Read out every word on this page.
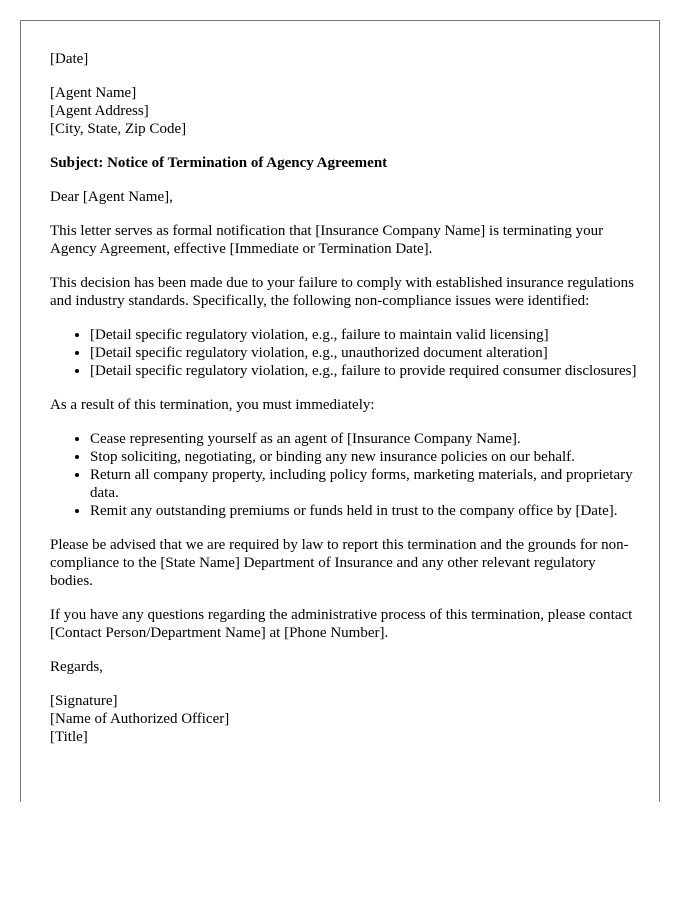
[Date]

[Agent Name]
[Agent Address]
[City, State, Zip Code]

Subject: Notice of Termination of Agency Agreement

Dear [Agent Name],

This letter serves as formal notification that [Insurance Company Name] is terminating your Agency Agreement, effective [Immediate or Termination Date].

This decision has been made due to your failure to comply with established insurance regulations and industry standards. Specifically, the following non-compliance issues were identified:

• [Detail specific regulatory violation, e.g., failure to maintain valid licensing]
• [Detail specific regulatory violation, e.g., unauthorized document alteration]
• [Detail specific regulatory violation, e.g., failure to provide required consumer disclosures]

As a result of this termination, you must immediately:

• Cease representing yourself as an agent of [Insurance Company Name].
• Stop soliciting, negotiating, or binding any new insurance policies on our behalf.
• Return all company property, including policy forms, marketing materials, and proprietary data.
• Remit any outstanding premiums or funds held in trust to the company office by [Date].

Please be advised that we are required by law to report this termination and the grounds for non-compliance to the [State Name] Department of Insurance and any other relevant regulatory bodies.

If you have any questions regarding the administrative process of this termination, please contact [Contact Person/Department Name] at [Phone Number].

Regards,

[Signature]
[Name of Authorized Officer]
[Title]
